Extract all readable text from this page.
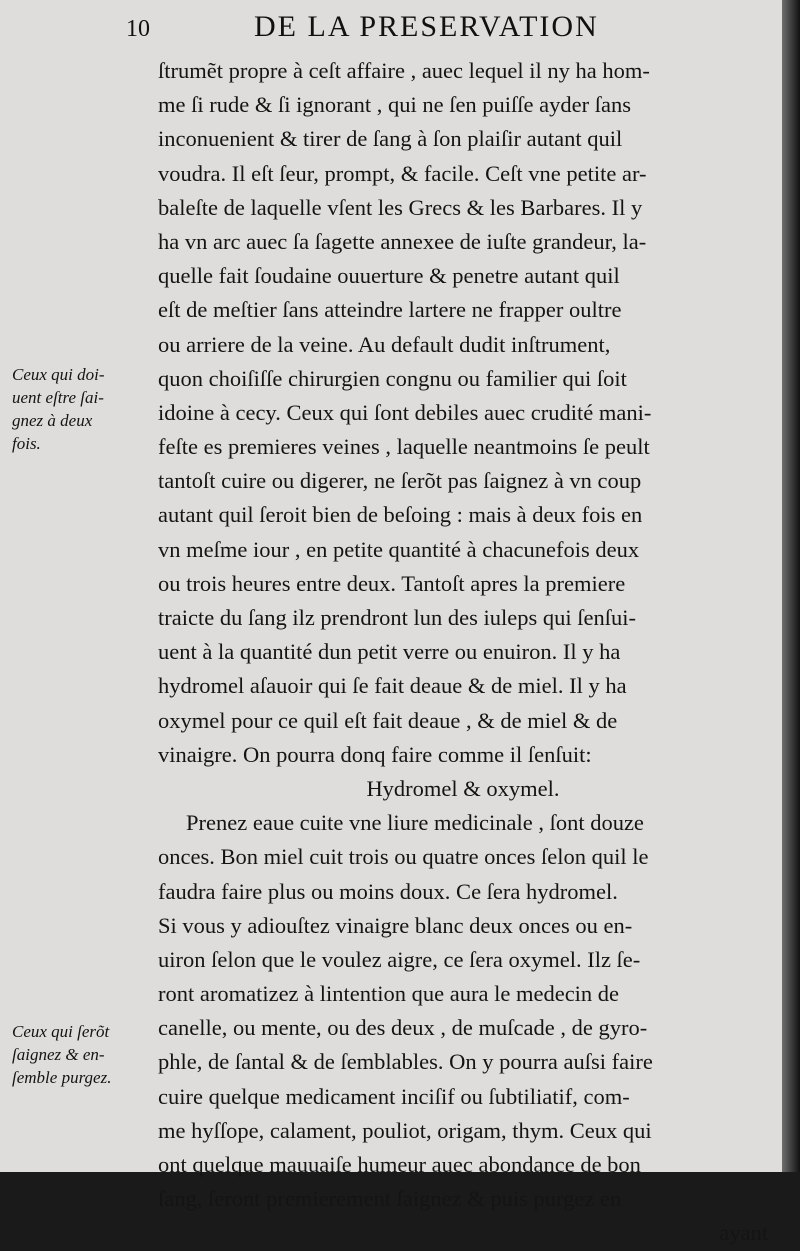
10	DE LA PRESERVATION
Ceux qui doi-
uent eſtre ſai-
gnez à deux
fois.
Ceux qui ſerõt
ſaignez & en-
ſemble purgez.
ſtrumẽt propre à ceſt affaire , auec lequel il ny ha hom-
me ſi rude & ſi ignorant , qui ne ſen puiſſe ayder ſans
inconuenient & tirer de ſang à ſon plaiſir autant quil
voudra. Il eſt ſeur, prompt, & facile. Ceſt vne petite ar-
baleſte de laquelle vſent les Grecs & les Barbares. Il y
ha vn arc auec ſa ſagette annexee de iuſte grandeur, la-
quelle fait ſoudaine ouuerture & penetre autant quil
eſt de meſtier ſans atteindre lartere ne frapper oultre
ou arriere de la veine. Au default dudit inſtrument,
quon choiſiſſe chirurgien congnu ou familier qui ſoit
idoine à cecy. Ceux qui ſont debiles auec crudité mani-
feſte es premieres veines , laquelle neantmoins ſe peult
tantoſt cuire ou digerer, ne ſerõt pas ſaignez à vn coup
autant quil ſeroit bien de beſoing : mais à deux fois en
vn meſme iour , en petite quantité à chacunefois deux
ou trois heures entre deux. Tantoſt apres la premiere
traicte du ſang ilz prendront lun des iuleps qui ſenſui-
uent à la quantité dun petit verre ou enuiron. Il y ha
hydromel aſauoir qui ſe fait deaue & de miel. Il y ha
oxymel pour ce quil eſt fait deaue , & de miel & de
vinaigre. On pourra donq faire comme il ſenſuit:
Hydromel & oxymel.
Prenez eaue cuite vne liure medicinale , ſont douze
onces. Bon miel cuit trois ou quatre onces ſelon quil le
faudra faire plus ou moins doux. Ce ſera hydromel.
Si vous y adiouſtez vinaigre blanc deux onces ou en-
uiron ſelon que le voulez aigre, ce ſera oxymel. Ilz ſe-
ront aromatizez à lintention que aura le medecin de
canelle, ou mente, ou des deux , de muſcade , de gyro-
phle, de ſantal & de ſemblables. On y pourra auſsi faire
cuire quelque medicament inciſif ou ſubtiliatif, com-
me hyſſope, calament, pouliot, origam, thym. Ceux qui
ont quelque mauuaiſe humeur auec abondance de bon
ſang, ſeront premierement ſaignez & puis purgez en
ayant
